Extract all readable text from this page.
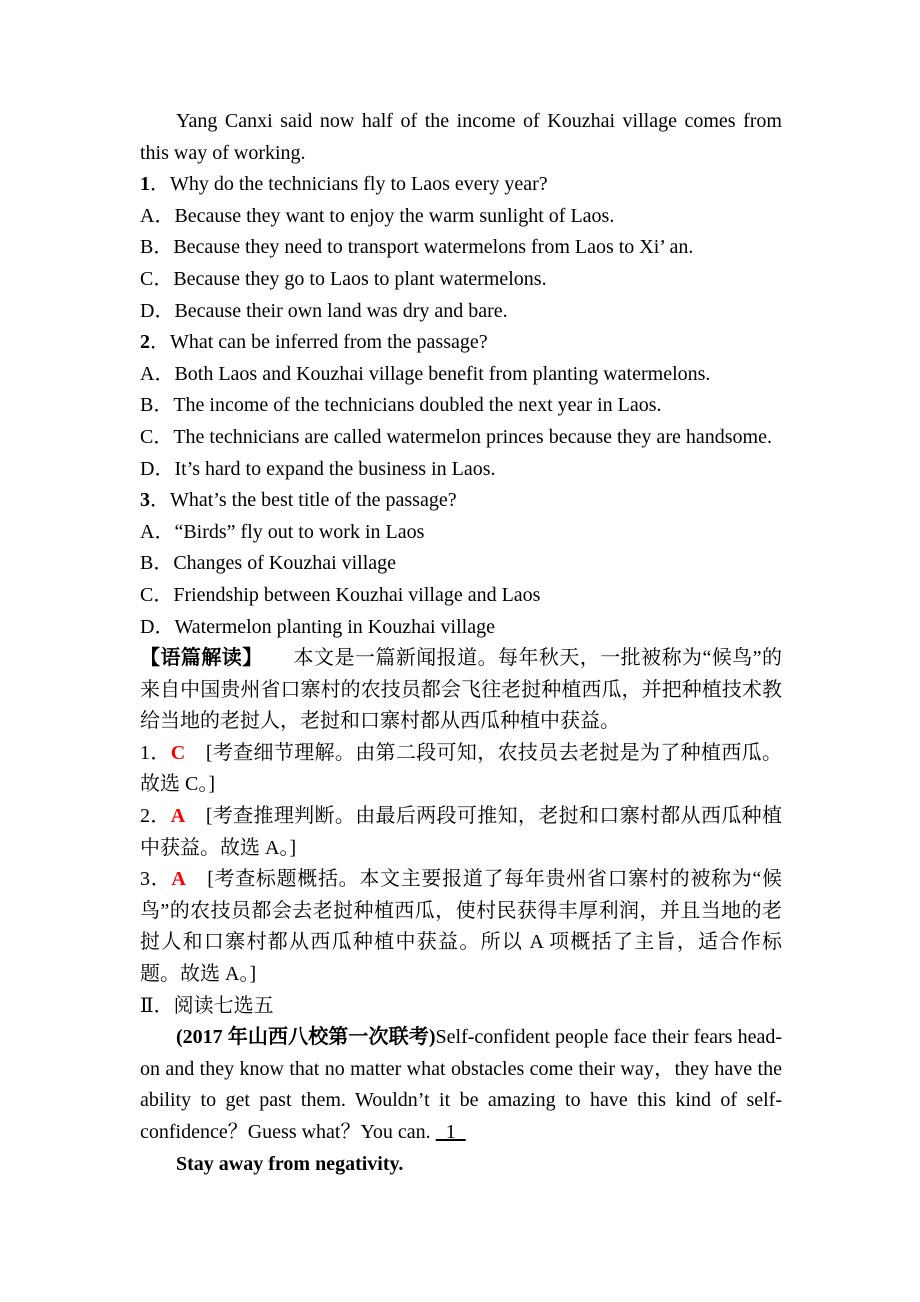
Yang Canxi said now half of the income of Kouzhai village comes from this way of working.

1．Why do the technicians fly to Laos every year?

A．Because they want to enjoy the warm sunlight of Laos.

B．Because they need to transport watermelons from Laos to Xi’ an.

C．Because they go to Laos to plant watermelons.

D．Because their own land was dry and bare.

2．What can be inferred from the passage?

A．Both Laos and Kouzhai village benefit from planting watermelons.

B．The income of the technicians doubled the next year in Laos.

C．The technicians are called watermelon princes because they are handsome.

D．It’s hard to expand the business in Laos.

3．What’s the best title of the passage?

A．“Birds” fly out to work in Laos

B．Changes of Kouzhai village

C．Friendship between Kouzhai village and Laos

D．Watermelon planting in Kouzhai village

【语篇解读】　　本文是一篇新闻报道。每年秋天，一批被称为“候鸟”的来自中国贵州省口寨村的农技员都会飞往老挝种植西瓜，并把种植技术教给当地的老挝人，老挝和口寨村都从西瓜种植中获益。

1．C　[考查细节理解。由第二段可知，农技员去老挝是为了种植西瓜。故选 C。]

2．A　[考查推理判断。由最后两段可推知，老挝和口寨村都从西瓜种植中获益。故选 A。]

3．A　[考查标题概括。本文主要报道了每年贵州省口寨村的被称为“候鸟”的农技员都会去老挝种植西瓜，使村民获得丰厚利润，并且当地的老挝人和口寨村都从西瓜种植中获益。所以 A 项概括了主旨，适合作标题。故选 A。]

Ⅱ．阅读七选五

(2017 年山西八校第一次联考)Self-confident people face their fears head-on and they know that no matter what obstacles come their way，they have the ability to get past them. Wouldn’t it be amazing to have this kind of self-confidence？Guess what？You can.   1

Stay away from negativity.
